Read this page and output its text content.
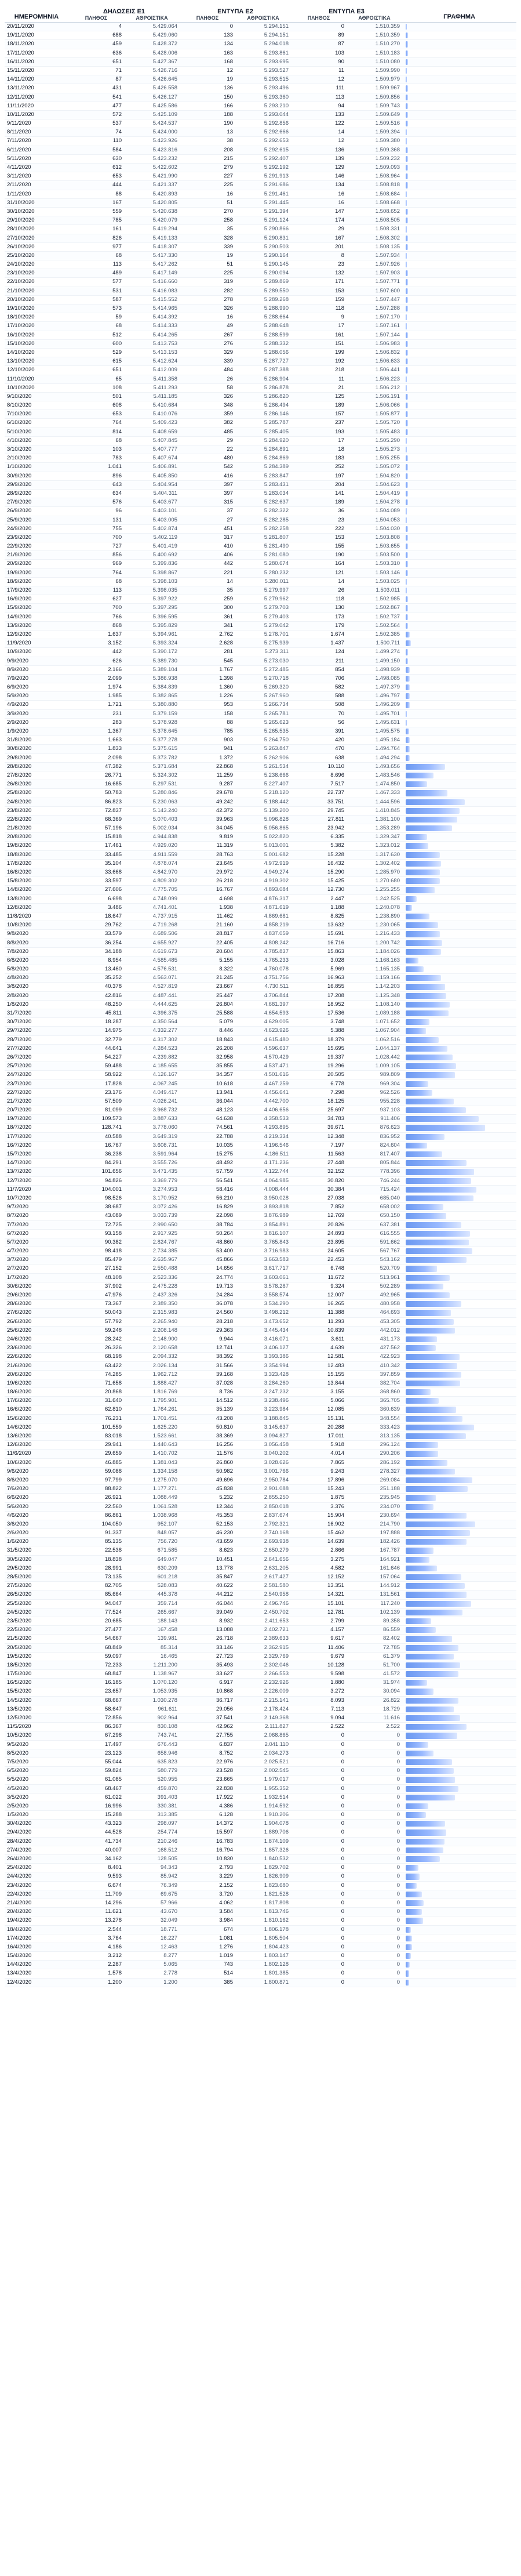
ΗΜΕΡΟΜΗΝΙΑ
ΔΗΛΩΣΕΙΣ Ε1
ΠΛΗΘΟΣ	ΑΘΡΟΙΣΤΙΚΑ
ΕΝΤΥΠΑ Ε2
ΠΛΗΘΟΣ	ΑΘΡΟΙΣΤΙΚΑ
ΕΝΤΥΠΑ Ε3
ΠΛΗΘΟΣ	ΑΘΡΟΙΣΤΙΚΑ	ΓΡΑΦΗΜΑ
20/11/2020	4	5.429.064	0	5.294.151	0	1.510.359
19/11/2020	688	5.429.060	133	5.294.151	89	1.510.359
18/11/2020	459	5.428.372	134	5.294.018	87	1.510.270
17/11/2020	636	5.428.006	163	5.293.861	103	1.510.183
16/11/2020	651	5.427.367	168	5.293.695	90	1.510.080
15/11/2020	71	5.426.716	12	5.293.527	11	1.509.990
14/11/2020	87	5.426.645	19	5.293.515	12	1.509.979
13/11/2020	431	5.426.558	136	5.293.496	111	1.509.967
12/11/2020	541	5.426.127	150	5.293.360	113	1.509.856
11/11/2020	477	5.425.586	166	5.293.210	94	1.509.743
10/11/2020	572	5.425.109	188	5.293.044	133	1.509.649
9/11/2020	537	5.424.537	190	5.292.856	122	1.509.516
8/11/2020	74	5.424.000	13	5.292.666	14	1.509.394
7/11/2020	110	5.423.926	38	5.292.653	12	1.509.380
6/11/2020	584	5.423.816	208	5.292.615	136	1.509.368
5/11/2020	630	5.423.232	215	5.292.407	139	1.509.232
4/11/2020	612	5.422.602	279	5.292.192	129	1.509.093
3/11/2020	653	5.421.990	227	5.291.913	146	1.508.964
2/11/2020	444	5.421.337	225	5.291.686	134	1.508.818
1/11/2020	88	5.420.893	16	5.291.461	16	1.508.684
31/10/2020	167	5.420.805	51	5.291.445	16	1.508.668
30/10/2020	559	5.420.638	270	5.291.394	147	1.508.652
29/10/2020	785	5.420.079	258	5.291.124	174	1.508.505
28/10/2020	161	5.419.294	35	5.290.866	29	1.508.331
27/10/2020	826	5.419.133	328	5.290.831	167	1.508.302
26/10/2020	977	5.418.307	339	5.290.503	201	1.508.135
25/10/2020	68	5.417.330	19	5.290.164	8	1.507.934
24/10/2020	113	5.417.262	51	5.290.145	23	1.507.926
23/10/2020	489	5.417.149	225	5.290.094	132	1.507.903
22/10/2020	577	5.416.660	319	5.289.869	171	1.507.771
21/10/2020	531	5.416.083	282	5.289.550	153	1.507.600
20/10/2020	587	5.415.552	278	5.289.268	159	1.507.447
19/10/2020	573	5.414.965	326	5.288.990	118	1.507.288
18/10/2020	59	5.414.392	16	5.288.664	9	1.507.170
17/10/2020	68	5.414.333	49	5.288.648	17	1.507.161
16/10/2020	512	5.414.265	267	5.288.599	161	1.507.144
15/10/2020	600	5.413.753	276	5.288.332	151	1.506.983
14/10/2020	529	5.413.153	329	5.288.056	199	1.506.832
13/10/2020	615	5.412.624	339	5.287.727	192	1.506.633
12/10/2020	651	5.412.009	484	5.287.388	218	1.506.441
11/10/2020	65	5.411.358	26	5.286.904	11	1.506.223
10/10/2020	108	5.411.293	58	5.286.878	21	1.506.212
9/10/2020	501	5.411.185	326	5.286.820	125	1.506.191
8/10/2020	608	5.410.684	348	5.286.494	189	1.506.066
7/10/2020	653	5.410.076	359	5.286.146	157	1.505.877
6/10/2020	764	5.409.423	382	5.285.787	237	1.505.720
5/10/2020	814	5.408.659	485	5.285.405	193	1.505.483
4/10/2020	68	5.407.845	29	5.284.920	17	1.505.290
3/10/2020	103	5.407.777	22	5.284.891	18	1.505.273
2/10/2020	783	5.407.674	480	5.284.869	183	1.505.255
1/10/2020	1.041	5.406.891	542	5.284.389	252	1.505.072
30/9/2020	896	5.405.850	416	5.283.847	197	1.504.820
29/9/2020	643	5.404.954	397	5.283.431	204	1.504.623
28/9/2020	634	5.404.311	397	5.283.034	141	1.504.419
27/9/2020	576	5.403.677	315	5.282.637	189	1.504.278
26/9/2020	96	5.403.101	37	5.282.322	36	1.504.089
25/9/2020	131	5.403.005	27	5.282.285	23	1.504.053
24/9/2020	755	5.402.874	451	5.282.258	222	1.504.030
23/9/2020	700	5.402.119	317	5.281.807	153	1.503.808
22/9/2020	727	5.401.419	410	5.281.490	155	1.503.655
21/9/2020	856	5.400.692	406	5.281.080	190	1.503.500
20/9/2020	969	5.399.836	442	5.280.674	164	1.503.310
19/9/2020	764	5.398.867	221	5.280.232	121	1.503.146
18/9/2020	68	5.398.103	14	5.280.011	14	1.503.025
17/9/2020	113	5.398.035	35	5.279.997	26	1.503.011
16/9/2020	627	5.397.922	259	5.279.962	118	1.502.985
15/9/2020	700	5.397.295	300	5.279.703	130	1.502.867
14/9/2020	766	5.396.595	361	5.279.403	173	1.502.737
13/9/2020	868	5.395.829	341	5.279.042	179	1.502.564
12/9/2020	1.637	5.394.961	2.762	5.278.701	1.674	1.502.385
11/9/2020	3.152	5.393.324	2.628	5.275.939	1.437	1.500.711
10/9/2020	442	5.390.172	281	5.273.311	124	1.499.274
9/9/2020	626	5.389.730	545	5.273.030	211	1.499.150
8/9/2020	2.166	5.389.104	1.767	5.272.485	854	1.498.939
7/9/2020	2.099	5.386.938	1.398	5.270.718	706	1.498.085
6/9/2020	1.974	5.384.839	1.360	5.269.320	582	1.497.379
5/9/2020	1.985	5.382.865	1.226	5.267.960	588	1.496.797
4/9/2020	1.721	5.380.880	953	5.266.734	508	1.496.209
3/9/2020	231	5.379.159	158	5.265.781	70	1.495.701
2/9/2020	283	5.378.928	88	5.265.623	56	1.495.631
1/9/2020	1.367	5.378.645	785	5.265.535	391	1.495.575
31/8/2020	1.663	5.377.278	903	5.264.750	420	1.495.184
30/8/2020	1.833	5.375.615	941	5.263.847	470	1.494.764
29/8/2020	2.098	5.373.782	1.372	5.262.906	638	1.494.294
28/8/2020	47.382	5.371.684	22.868	5.261.534	10.110	1.493.656
27/8/2020	26.771	5.324.302	11.259	5.238.666	8.696	1.483.546
26/8/2020	16.685	5.297.531	9.287	5.227.407	7.517	1.474.850
25/8/2020	50.783	5.280.846	29.678	5.218.120	22.737	1.467.333
24/8/2020	86.823	5.230.063	49.242	5.188.442	33.751	1.444.596
23/8/2020	72.837	5.143.240	42.372	5.139.200	29.745	1.410.845
22/8/2020	68.369	5.070.403	39.963	5.096.828	27.811	1.381.100
21/8/2020	57.196	5.002.034	34.045	5.056.865	23.942	1.353.289
20/8/2020	15.818	4.944.838	9.819	5.022.820	6.335	1.329.347
19/8/2020	17.461	4.929.020	11.319	5.013.001	5.382	1.323.012
18/8/2020	33.485	4.911.559	28.763	5.001.682	15.228	1.317.630
17/8/2020	35.104	4.878.074	23.645	4.972.919	16.432	1.302.402
16/8/2020	33.668	4.842.970	29.972	4.949.274	15.290	1.285.970
15/8/2020	33.597	4.809.302	26.218	4.919.302	15.425	1.270.680
14/8/2020	27.606	4.775.705	16.767	4.893.084	12.730	1.255.255
13/8/2020	6.698	4.748.099	4.698	4.876.317	2.447	1.242.525
12/8/2020	3.486	4.741.401	1.938	4.871.619	1.188	1.240.078
11/8/2020	18.647	4.737.915	11.462	4.869.681	8.825	1.238.890
10/8/2020	29.762	4.719.268	21.160	4.858.219	13.632	1.230.065
9/8/2020	33.579	4.689.506	28.817	4.837.059	15.691	1.216.433
8/8/2020	36.254	4.655.927	22.405	4.808.242	16.716	1.200.742
7/8/2020	34.188	4.619.673	20.604	4.785.837	15.863	1.184.026
6/8/2020	8.954	4.585.485	5.155	4.765.233	3.028	1.168.163
5/8/2020	13.460	4.576.531	8.322	4.760.078	5.969	1.165.135
4/8/2020	35.252	4.563.071	21.245	4.751.756	16.963	1.159.166
3/8/2020	40.378	4.527.819	23.667	4.730.511	16.855	1.142.203
2/8/2020	42.816	4.487.441	25.447	4.706.844	17.208	1.125.348
1/8/2020	48.250	4.444.625	26.804	4.681.397	18.952	1.108.140
31/7/2020	45.811	4.396.375	25.588	4.654.593	17.536	1.089.188
30/7/2020	18.287	4.350.564	5.079	4.629.005	3.748	1.071.652
29/7/2020	14.975	4.332.277	8.446	4.623.926	5.388	1.067.904
28/7/2020	32.779	4.317.302	18.843	4.615.480	18.379	1.062.516
27/7/2020	44.641	4.284.523	26.208	4.596.637	15.695	1.044.137
26/7/2020	54.227	4.239.882	32.958	4.570.429	19.337	1.028.442
25/7/2020	59.488	4.185.655	35.855	4.537.471	19.296	1.009.105
24/7/2020	58.922	4.126.167	34.357	4.501.616	20.505	989.809
23/7/2020	17.828	4.067.245	10.618	4.467.259	6.778	969.304
22/7/2020	23.176	4.049.417	13.941	4.456.641	7.298	962.526
21/7/2020	57.509	4.026.241	36.044	4.442.700	18.125	955.228
20/7/2020	81.099	3.968.732	48.123	4.406.656	25.697	937.103
19/7/2020	109.573	3.887.633	64.638	4.358.533	34.783	911.406
18/7/2020	128.741	3.778.060	74.561	4.293.895	39.671	876.623
17/7/2020	40.588	3.649.319	22.788	4.219.334	12.348	836.952
16/7/2020	16.767	3.608.731	10.035	4.196.546	7.197	824.604
15/7/2020	36.238	3.591.964	15.275	4.186.511	11.563	817.407
14/7/2020	84.291	3.555.726	48.492	4.171.236	27.448	805.844
13/7/2020	101.656	3.471.435	57.759	4.122.744	32.152	778.396
12/7/2020	94.826	3.369.779	56.541	4.064.985	30.820	746.244
11/7/2020	104.001	3.274.953	58.416	4.008.444	30.384	715.424
10/7/2020	98.526	3.170.952	56.210	3.950.028	27.038	685.040
9/7/2020	38.687	3.072.426	16.829	3.893.818	7.852	658.002
8/7/2020	43.089	3.033.739	22.098	3.876.989	12.769	650.150
7/7/2020	72.725	2.990.650	38.784	3.854.891	20.826	637.381
6/7/2020	93.158	2.917.925	50.264	3.816.107	24.893	616.555
5/7/2020	90.382	2.824.767	48.860	3.765.843	23.895	591.662
4/7/2020	98.418	2.734.385	53.400	3.716.983	24.605	567.767
3/7/2020	85.479	2.635.967	45.866	3.663.583	22.453	543.162
2/7/2020	27.152	2.550.488	14.656	3.617.717	6.748	520.709
1/7/2020	48.108	2.523.336	24.774	3.603.061	11.672	513.961
30/6/2020	37.902	2.475.228	19.713	3.578.287	9.324	502.289
29/6/2020	47.976	2.437.326	24.284	3.558.574	12.007	492.965
28/6/2020	73.367	2.389.350	36.078	3.534.290	16.265	480.958
27/6/2020	50.043	2.315.983	24.560	3.498.212	11.388	464.693
26/6/2020	57.792	2.265.940	28.218	3.473.652	11.293	453.305
25/6/2020	59.248	2.208.148	29.363	3.445.434	10.839	442.012
24/6/2020	28.242	2.148.900	9.944	3.416.071	3.611	431.173
23/6/2020	26.326	2.120.658	12.741	3.406.127	4.639	427.562
22/6/2020	68.198	2.094.332	38.392	3.393.386	12.581	422.923
21/6/2020	63.422	2.026.134	31.566	3.354.994	12.483	410.342
20/6/2020	74.285	1.962.712	39.168	3.323.428	15.155	397.859
19/6/2020	71.658	1.888.427	37.028	3.284.260	13.844	382.704
18/6/2020	20.868	1.816.769	8.736	3.247.232	3.155	368.860
17/6/2020	31.640	1.795.901	14.512	3.238.496	5.066	365.705
16/6/2020	62.810	1.764.261	35.139	3.223.984	12.085	360.639
15/6/2020	76.231	1.701.451	43.208	3.188.845	15.131	348.554
14/6/2020	101.559	1.625.220	50.810	3.145.637	20.288	333.423
13/6/2020	83.018	1.523.661	38.369	3.094.827	17.011	313.135
12/6/2020	29.941	1.440.643	16.256	3.056.458	5.918	296.124
11/6/2020	29.659	1.410.702	11.576	3.040.202	4.014	290.206
10/6/2020	46.885	1.381.043	26.860	3.028.626	7.865	286.192
9/6/2020	59.088	1.334.158	50.982	3.001.766	9.243	278.327
8/6/2020	97.799	1.275.070	49.696	2.950.784	17.896	269.084
7/6/2020	88.822	1.177.271	45.838	2.901.088	15.243	251.188
6/6/2020	26.921	1.088.449	5.232	2.855.250	1.875	235.945
5/6/2020	22.560	1.061.528	12.344	2.850.018	3.376	234.070
4/6/2020	86.861	1.038.968	45.353	2.837.674	15.904	230.694
3/6/2020	104.050	952.107	52.153	2.792.321	16.902	214.790
2/6/2020	91.337	848.057	46.230	2.740.168	15.462	197.888
1/6/2020	85.135	756.720	43.659	2.693.938	14.639	182.426
31/5/2020	22.538	671.585	8.623	2.650.279	2.866	167.787
30/5/2020	18.838	649.047	10.451	2.641.656	3.275	164.921
29/5/2020	28.991	630.209	13.778	2.631.205	4.582	161.646
28/5/2020	73.135	601.218	35.847	2.617.427	12.152	157.064
27/5/2020	82.705	528.083	40.622	2.581.580	13.351	144.912
26/5/2020	85.664	445.378	44.212	2.540.958	14.321	131.561
25/5/2020	94.047	359.714	46.044	2.496.746	15.101	117.240
24/5/2020	77.524	265.667	39.049	2.450.702	12.781	102.139
23/5/2020	20.685	188.143	8.932	2.411.653	2.799	89.358
22/5/2020	27.477	167.458	13.088	2.402.721	4.157	86.559
21/5/2020	54.667	139.981	26.718	2.389.633	9.617	82.402
20/5/2020	68.849	85.314	33.146	2.362.915	11.406	72.785
19/5/2020	59.097	16.465	27.723	2.329.769	9.679	61.379
18/5/2020	72.233	1.211.200	35.493	2.302.046	10.128	51.700
17/5/2020	68.847	1.138.967	33.627	2.266.553	9.598	41.572
16/5/2020	16.185	1.070.120	6.917	2.232.926	1.880	31.974
15/5/2020	23.657	1.053.935	10.868	2.226.009	3.272	30.094
14/5/2020	68.667	1.030.278	36.717	2.215.141	8.093	26.822
13/5/2020	58.647	961.611	29.056	2.178.424	7.113	18.729
12/5/2020	72.856	902.964	37.541	2.149.368	9.094	11.616
11/5/2020	86.367	830.108	42.962	2.111.827	2.522	2.522
10/5/2020	67.298	743.741	27.755	2.068.865	0	0
9/5/2020	17.497	676.443	6.837	2.041.110	0	0
8/5/2020	23.123	658.946	8.752	2.034.273	0	0
7/5/2020	55.044	635.823	22.976	2.025.521	0	0
6/5/2020	59.824	580.779	23.528	2.002.545	0	0
5/5/2020	61.085	520.955	23.665	1.979.017	0	0
4/5/2020	68.467	459.870	22.838	1.955.352	0	0
3/5/2020	61.022	391.403	17.922	1.932.514	0	0
2/5/2020	16.996	330.381	4.386	1.914.592	0	0
1/5/2020	15.288	313.385	6.128	1.910.206	0	0
30/4/2020	43.323	298.097	14.372	1.904.078	0	0
29/4/2020	44.528	254.774	15.597	1.889.706	0	0
28/4/2020	41.734	210.246	16.783	1.874.109	0	0
27/4/2020	40.007	168.512	16.794	1.857.326	0	0
26/4/2020	34.162	128.505	10.830	1.840.532	0	0
25/4/2020	8.401	94.343	2.793	1.829.702	0	0
24/4/2020	9.593	85.942	3.229	1.826.909	0	0
23/4/2020	6.674	76.349	2.152	1.823.680	0	0
22/4/2020	11.709	69.675	3.720	1.821.528	0	0
21/4/2020	14.296	57.966	4.062	1.817.808	0	0
20/4/2020	11.621	43.670	3.584	1.813.746	0	0
19/4/2020	13.278	32.049	3.984	1.810.162	0	0
18/4/2020	2.544	18.771	674	1.806.178	0	0
17/4/2020	3.764	16.227	1.081	1.805.504	0	0
16/4/2020	4.186	12.463	1.276	1.804.423	0	0
15/4/2020	3.212	8.277	1.019	1.803.147	0	0
14/4/2020	2.287	5.065	743	1.802.128	0	0
13/4/2020	1.578	2.778	514	1.801.385	0	0
12/4/2020	1.200	1.200	385	1.800.871	0	0
